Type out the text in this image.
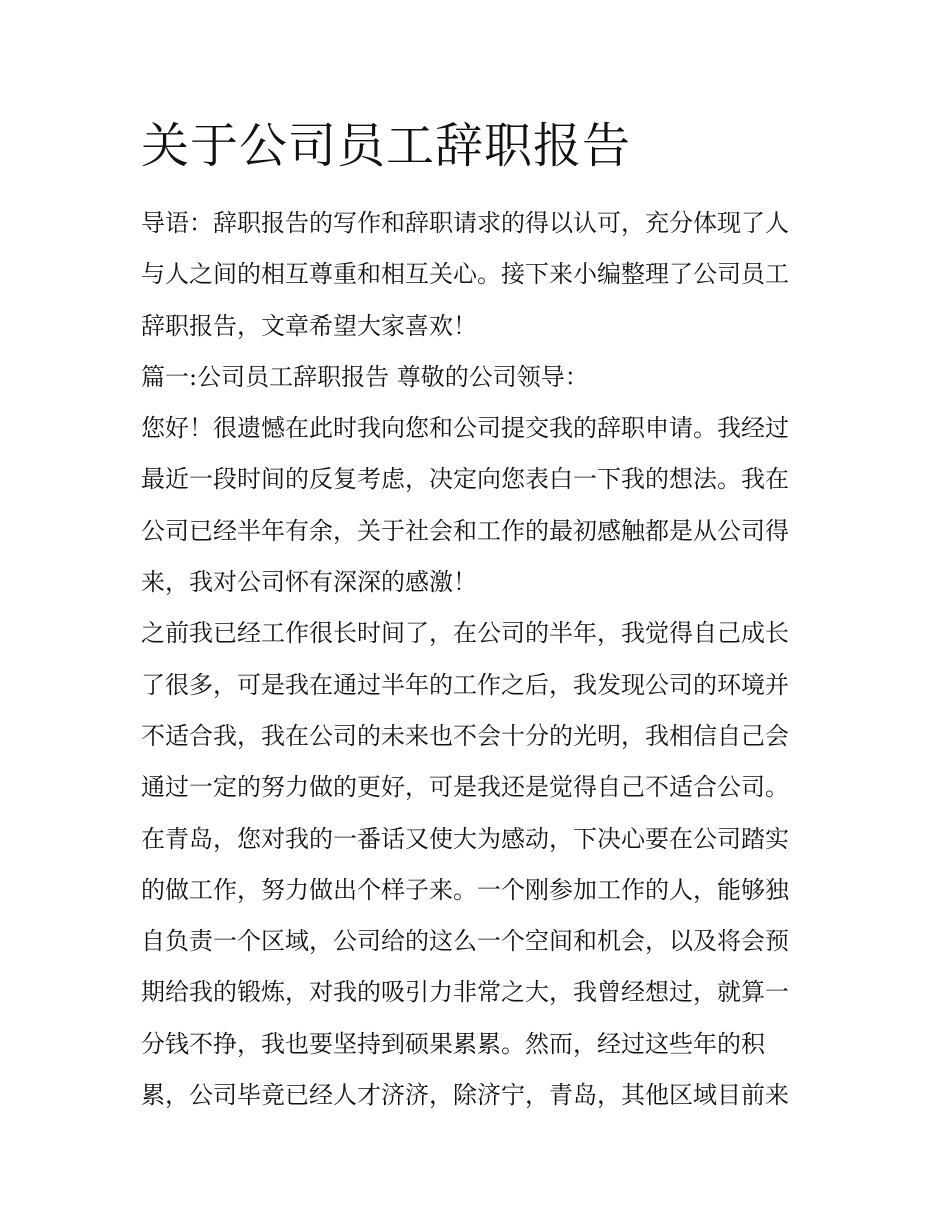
关于公司员工辞职报告
导语：辞职报告的写作和辞职请求的得以认可，充分体现了人
与人之间的相互尊重和相互关心。接下来小编整理了公司员工
辞职报告，文章希望大家喜欢！
篇一:公司员工辞职报告 尊敬的公司领导：
您好！很遗憾在此时我向您和公司提交我的辞职申请。我经过
最近一段时间的反复考虑，决定向您表白一下我的想法。我在
公司已经半年有余，关于社会和工作的最初感触都是从公司得
来，我对公司怀有深深的感激！
之前我已经工作很长时间了，在公司的半年，我觉得自己成长
了很多，可是我在通过半年的工作之后，我发现公司的环境并
不适合我，我在公司的未来也不会十分的光明，我相信自己会
通过一定的努力做的更好，可是我还是觉得自己不适合公司。
在青岛，您对我的一番话又使大为感动，下决心要在公司踏实
的做工作，努力做出个样子来。一个刚参加工作的人，能够独
自负责一个区域，公司给的这么一个空间和机会，以及将会预
期给我的锻炼，对我的吸引力非常之大，我曾经想过，就算一
分钱不挣，我也要坚持到硕果累累。然而，经过这些年的积
累，公司毕竟已经人才济济，除济宁，青岛，其他区域目前来
